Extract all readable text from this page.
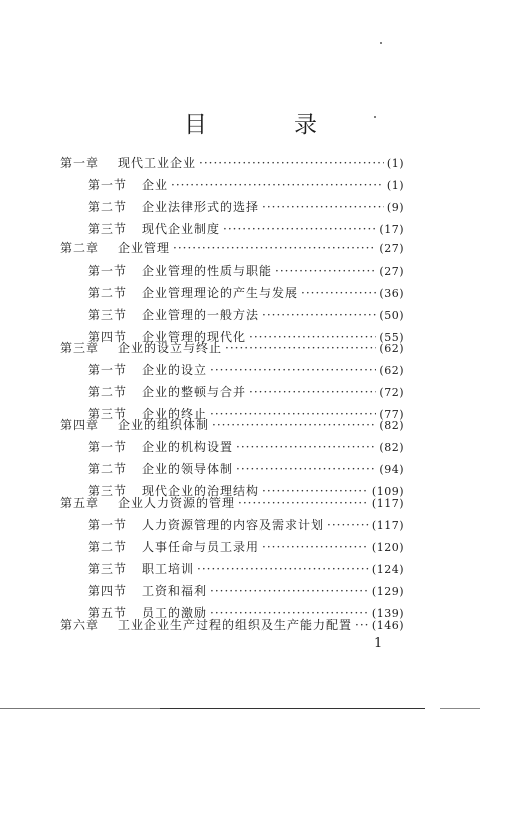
目　录
第一章	现代工业企业 ·····	(1)
第一节	企业 ·····	(1)
第二节	企业法律形式的选择 ·····	(9)
第三节	现代企业制度 ·····	(17)
第二章	企业管理 ·····	(27)
第一节	企业管理的性质与职能 ·····	(27)
第二节	企业管理理论的产生与发展 ·····	(36)
第三节	企业管理的一般方法 ·····	(50)
第四节	企业管理的现代化 ·····	(55)
第三章	企业的设立与终止 ·····	(62)
第一节	企业的设立 ·····	(62)
第二节	企业的整顿与合并 ·····	(72)
第三节	企业的终止 ·····	(77)
第四章	企业的组织体制 ·····	(82)
第一节	企业的机构设置 ·····	(82)
第二节	企业的领导体制 ·····	(94)
第三节	现代企业的治理结构 ·····	(109)
第五章	企业人力资源的管理 ·····	(117)
第一节	人力资源管理的内容及需求计划 ·····	(117)
第二节	人事任命与员工录用 ·····	(120)
第三节	职工培训 ·····	(124)
第四节	工资和福利 ·····	(129)
第五节	员工的激励 ·····	(139)
第六章	工业企业生产过程的组织及生产能力配置 ····· (146)
1
